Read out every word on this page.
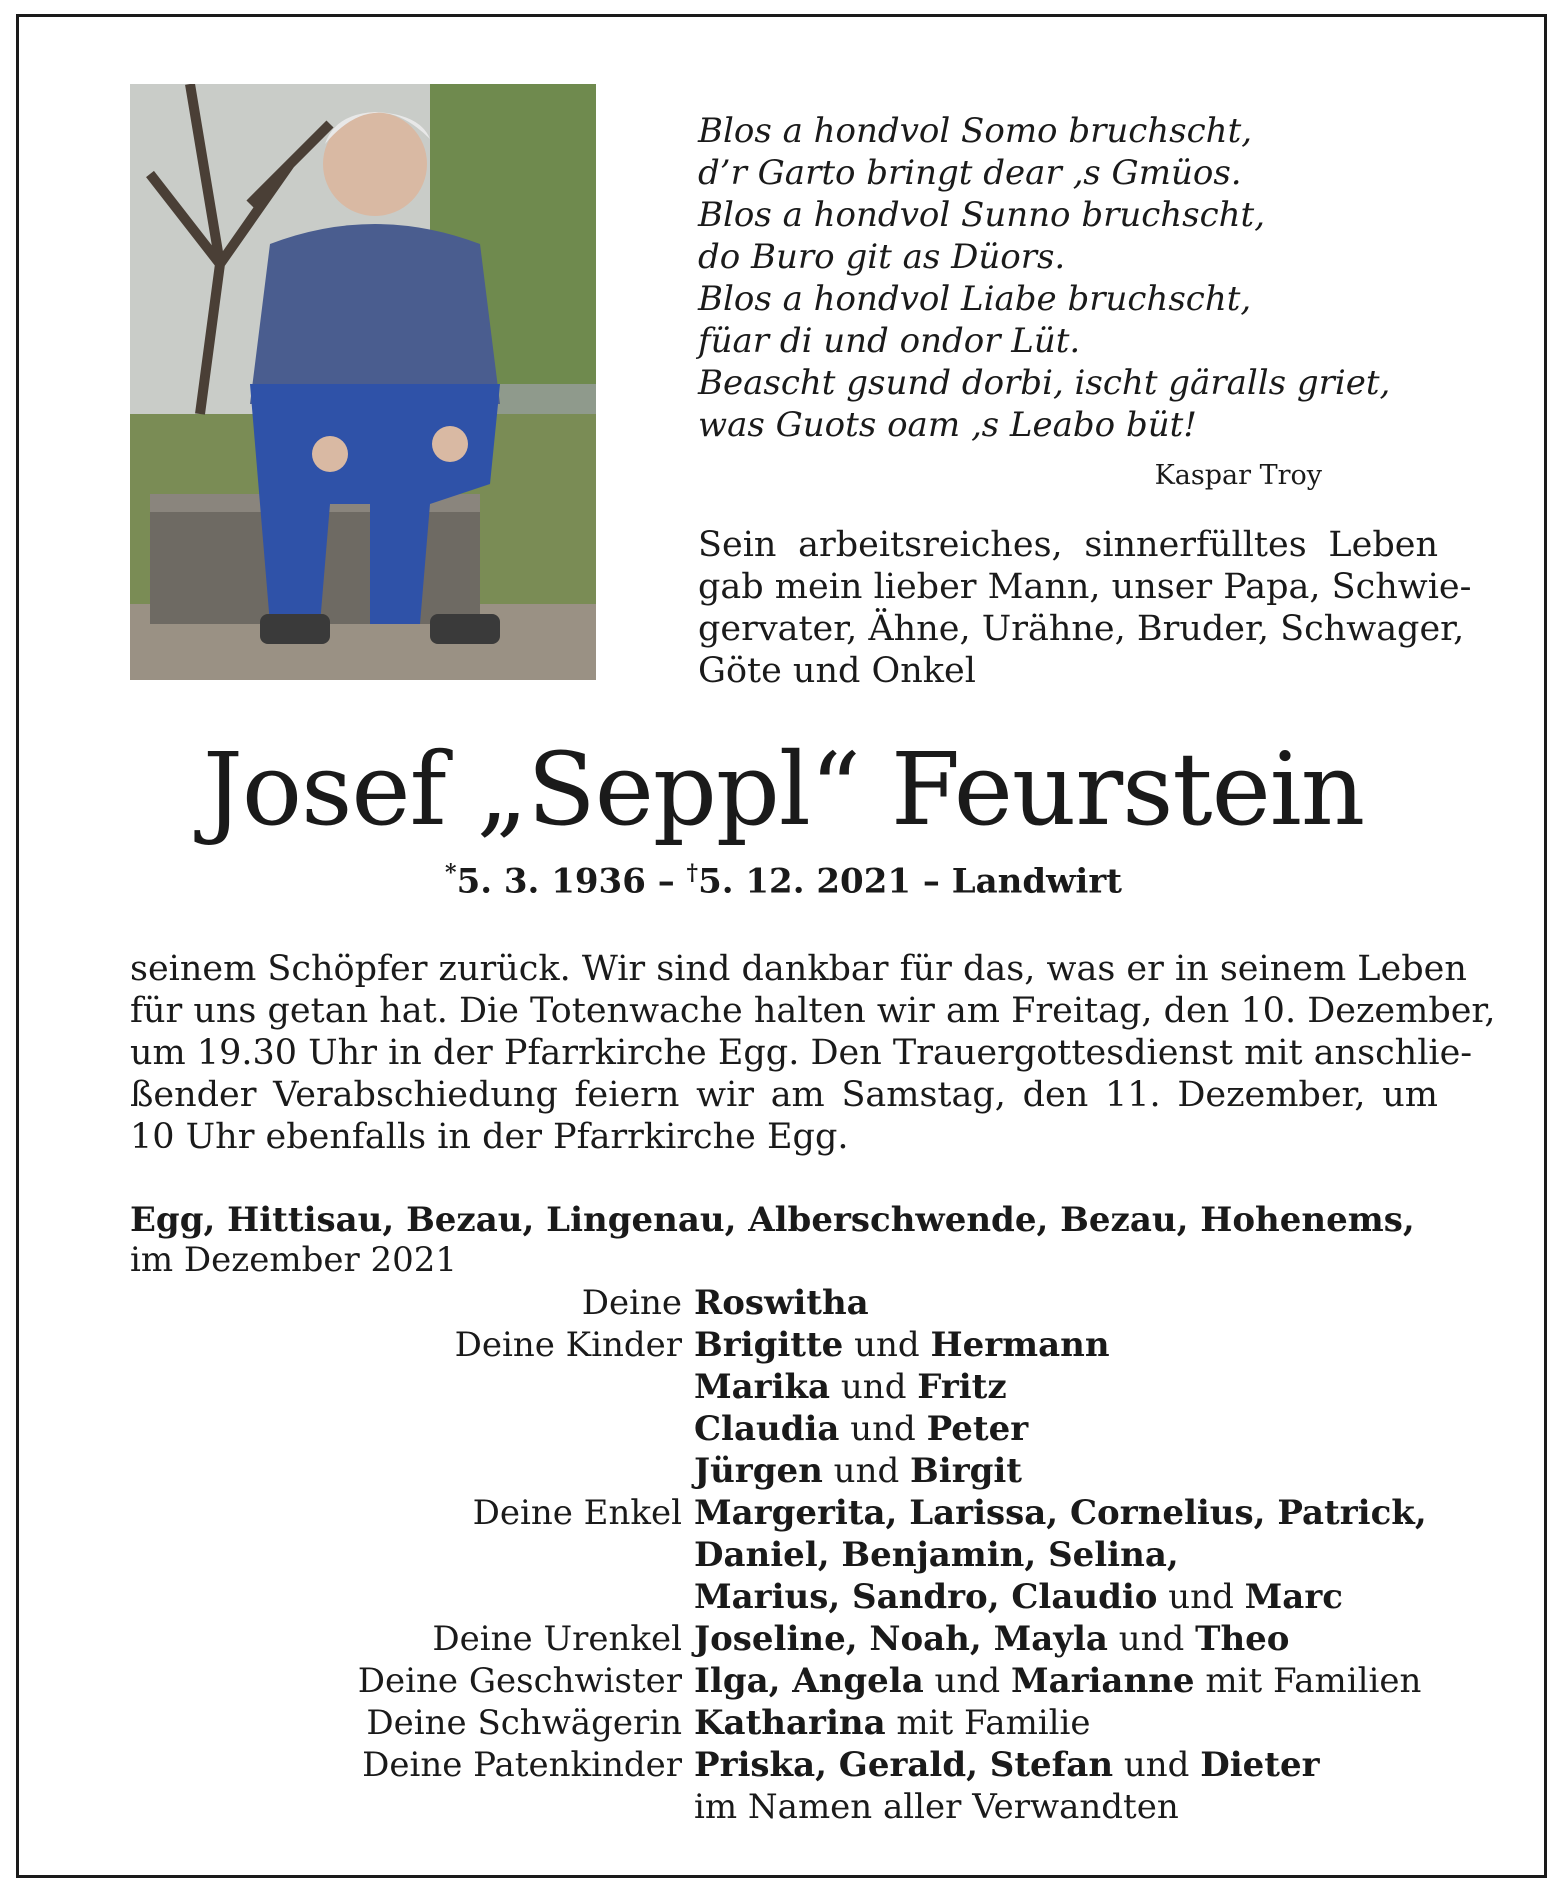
Blos a hondvol Somo bruchscht,
d’r Garto bringt dear ‚s Gmüos.
Blos a hondvol Sunno bruchscht,
do Buro git as Düors.
Blos a hondvol Liabe bruchscht,
füar di und ondor Lüt.
Beascht gsund dorbi, ischt gäralls griet,
was Guots oam ‚s Leabo büt!
Kaspar Troy
Sein arbeitsreiches, sinnerfülltes Leben
gab mein lieber Mann, unser Papa, Schwie-
gervater, Ähne, Urähne, Bruder, Schwager,
Göte und Onkel
Josef „Seppl“ Feurstein
*5. 3. 1936 – †5. 12. 2021 – Landwirt
seinem Schöpfer zurück. Wir sind dankbar für das, was er in seinem Leben
für uns getan hat. Die Totenwache halten wir am Freitag, den 10. Dezember,
um 19.30 Uhr in der Pfarrkirche Egg. Den Trauergottesdienst mit anschlie-
ßender Verabschiedung feiern wir am Samstag, den 11. Dezember, um
10 Uhr ebenfalls in der Pfarrkirche Egg.
Egg, Hittisau, Bezau, Lingenau, Alberschwende, Bezau, Hohenems,
im Dezember 2021
Deine Roswitha
Deine Kinder Brigitte und Hermann
Marika und Fritz
Claudia und Peter
Jürgen und Birgit
Deine Enkel Margerita, Larissa, Cornelius, Patrick,
Daniel, Benjamin, Selina,
Marius, Sandro, Claudio und Marc
Deine Urenkel Joseline, Noah, Mayla und Theo
Deine Geschwister Ilga, Angela und Marianne mit Familien
Deine Schwägerin Katharina mit Familie
Deine Patenkinder Priska, Gerald, Stefan und Dieter
im Namen aller Verwandten
